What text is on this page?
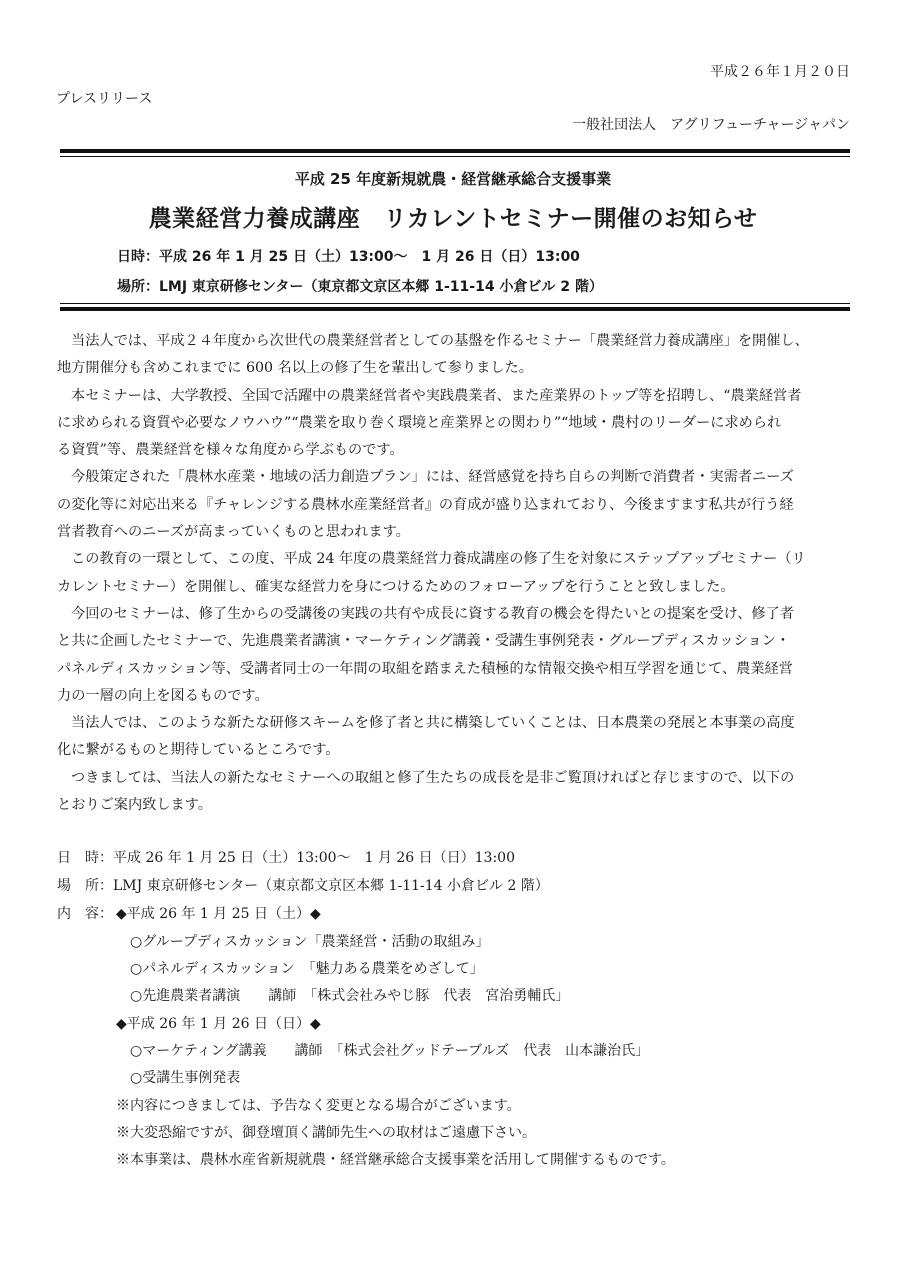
平成２６年１月２０日
プレスリリース
一般社団法人　アグリフューチャージャパン
平成 25 年度新規就農・経営継承総合支援事業
農業経営力養成講座　リカレントセミナー開催のお知らせ
日時：平成 26 年 1 月 25 日（土）13:00～　1 月 26 日（日）13:00
場所：LMJ 東京研修センター（東京都文京区本郷 1-11-14 小倉ビル 2 階）

当法人では、平成２４年度から次世代の農業経営者としての基盤を作るセミナー「農業経営力養成講座」を開催し、

地方開催分も含めこれまでに 600 名以上の修了生を輩出して参りました。

本セミナーは、大学教授、全国で活躍中の農業経営者や実践農業者、また産業界のトップ等を招聘し、“農業経営者

に求められる資質や必要なノウハウ”“農業を取り巻く環境と産業界との関わり”“地域・農村のリーダーに求められ

る資質”等、農業経営を様々な角度から学ぶものです。

今般策定された「農林水産業・地域の活力創造プラン」には、経営感覚を持ち自らの判断で消費者・実需者ニーズ

の変化等に対応出来る『チャレンジする農林水産業経営者』の育成が盛り込まれており、今後ますます私共が行う経

営者教育へのニーズが高まっていくものと思われます。

この教育の一環として、この度、平成 24 年度の農業経営力養成講座の修了生を対象にステップアップセミナー（リ

カレントセミナー）を開催し、確実な経営力を身につけるためのフォローアップを行うことと致しました。

今回のセミナーは、修了生からの受講後の実践の共有や成長に資する教育の機会を得たいとの提案を受け、修了者

と共に企画したセミナーで、先進農業者講演・マーケティング講義・受講生事例発表・グループディスカッション・

パネルディスカッション等、受講者同士の一年間の取組を踏まえた積極的な情報交換や相互学習を通じて、農業経営

力の一層の向上を図るものです。

当法人では、このような新たな研修スキームを修了者と共に構築していくことは、日本農業の発展と本事業の高度

化に繋がるものと期待しているところです。

つきましては、当法人の新たなセミナーへの取組と修了生たちの成長を是非ご覧頂ければと存じますので、以下の

とおりご案内致します。

日　時：平成 26 年 1 月 25 日（土）13:00～　1 月 26 日（日）13:00
場　所：LMJ 東京研修センター（東京都文京区本郷 1-11-14 小倉ビル 2 階）
内　容： ◆平成 26 年 1 月 25 日（土）◆
○グループディスカッション「農業経営・活動の取組み」
○パネルディスカッション　「魅力ある農業をめざして」
○先進農業者講演　　講師　「株式会社みやじ豚　代表　宮治勇輔氏」
◆平成 26 年 1 月 26 日（日）◆
○マーケティング講義　　講師　「株式会社グッドテーブルズ　代表　山本謙治氏」
○受講生事例発表
※内容につきましては、予告なく変更となる場合がございます。
※大変恐縮ですが、御登壇頂く講師先生への取材はご遠慮下さい。
※本事業は、農林水産省新規就農・経営継承総合支援事業を活用して開催するものです。
